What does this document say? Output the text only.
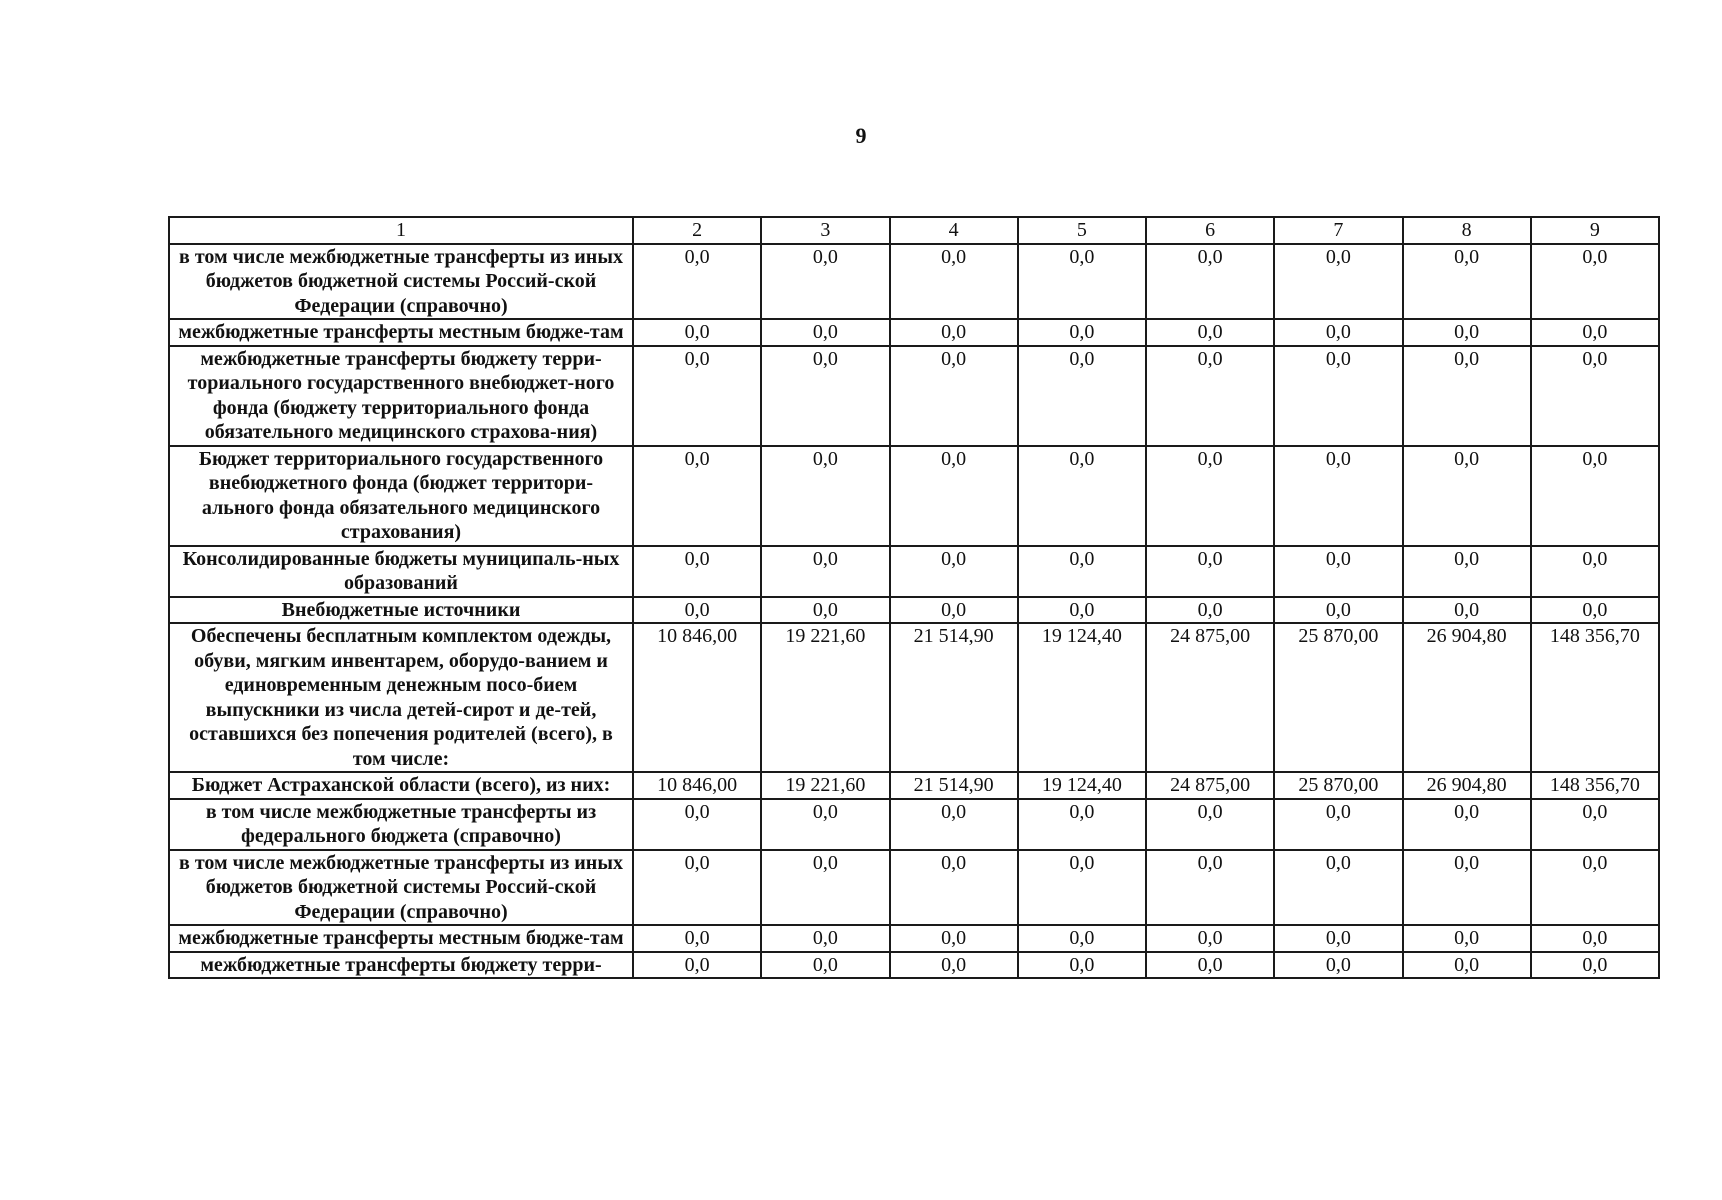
9
1	2	3	4	5	6	7	8	9
в том числе межбюджетные трансферты из иных бюджетов бюджетной системы Россий-ской Федерации (справочно)	0,0	0,0	0,0	0,0	0,0	0,0	0,0	0,0
межбюджетные трансферты местным бюдже-там	0,0	0,0	0,0	0,0	0,0	0,0	0,0	0,0
межбюджетные трансферты бюджету терри-ториального государственного внебюджет-ного фонда (бюджету территориального фонда обязательного медицинского страхова-ния)	0,0	0,0	0,0	0,0	0,0	0,0	0,0	0,0
Бюджет территориального государственного внебюджетного фонда (бюджет территори-ального фонда обязательного медицинского страхования)	0,0	0,0	0,0	0,0	0,0	0,0	0,0	0,0
Консолидированные бюджеты муниципаль-ных образований	0,0	0,0	0,0	0,0	0,0	0,0	0,0	0,0
Внебюджетные источники	0,0	0,0	0,0	0,0	0,0	0,0	0,0	0,0
Обеспечены бесплатным комплектом одежды, обуви, мягким инвентарем, оборудо-ванием и единовременным денежным посо-бием выпускники из числа детей-сирот и де-тей, оставшихся без попечения родителей (всего), в том числе:	10 846,00	19 221,60	21 514,90	19 124,40	24 875,00	25 870,00	26 904,80	148 356,70
Бюджет Астраханской области (всего), из них:	10 846,00	19 221,60	21 514,90	19 124,40	24 875,00	25 870,00	26 904,80	148 356,70
в том числе межбюджетные трансферты из федерального бюджета (справочно)	0,0	0,0	0,0	0,0	0,0	0,0	0,0	0,0
в том числе межбюджетные трансферты из иных бюджетов бюджетной системы Россий-ской Федерации (справочно)	0,0	0,0	0,0	0,0	0,0	0,0	0,0	0,0
межбюджетные трансферты местным бюдже-там	0,0	0,0	0,0	0,0	0,0	0,0	0,0	0,0
межбюджетные трансферты бюджету терри-	0,0	0,0	0,0	0,0	0,0	0,0	0,0	0,0
